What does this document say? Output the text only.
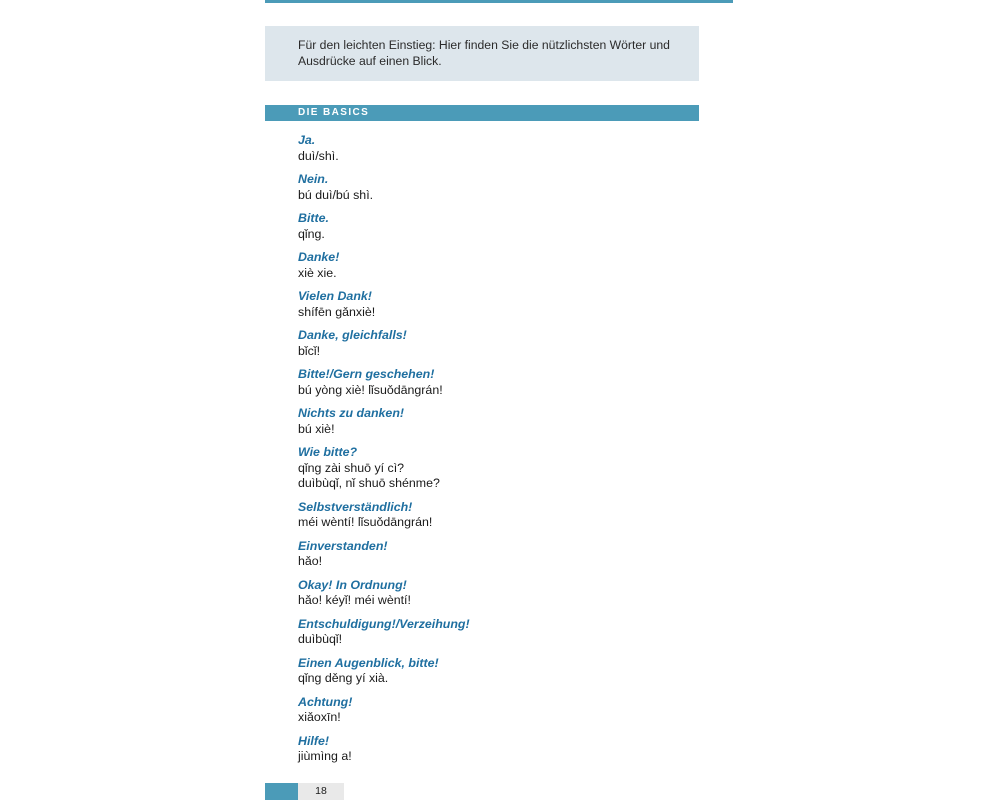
Für den leichten Einstieg: Hier finden Sie die nützlichsten Wörter und Ausdrücke auf einen Blick.
DIE BASICS
Ja.
duì/shì.
Nein.
bú duì/bú shì.
Bitte.
qǐng.
Danke!
xiè xie.
Vielen Dank!
shífēn gǎnxiè!
Danke, gleichfalls!
bǐcǐ!
Bitte!/Gern geschehen!
bú yòng xiè! lǐsuǒdāngrán!
Nichts zu danken!
bú xiè!
Wie bitte?
qǐng zài shuō yí cì?
duìbùqǐ, nǐ shuō shénme?
Selbstverständlich!
méi wèntí! lǐsuǒdāngrán!
Einverstanden!
hǎo!
Okay! In Ordnung!
hǎo! kéyǐ! méi wèntí!
Entschuldigung!/Verzeihung!
duìbùqǐ!
Einen Augenblick, bitte!
qǐng děng yí xià.
Achtung!
xiǎoxīn!
Hilfe!
jiùmìng a!
18
